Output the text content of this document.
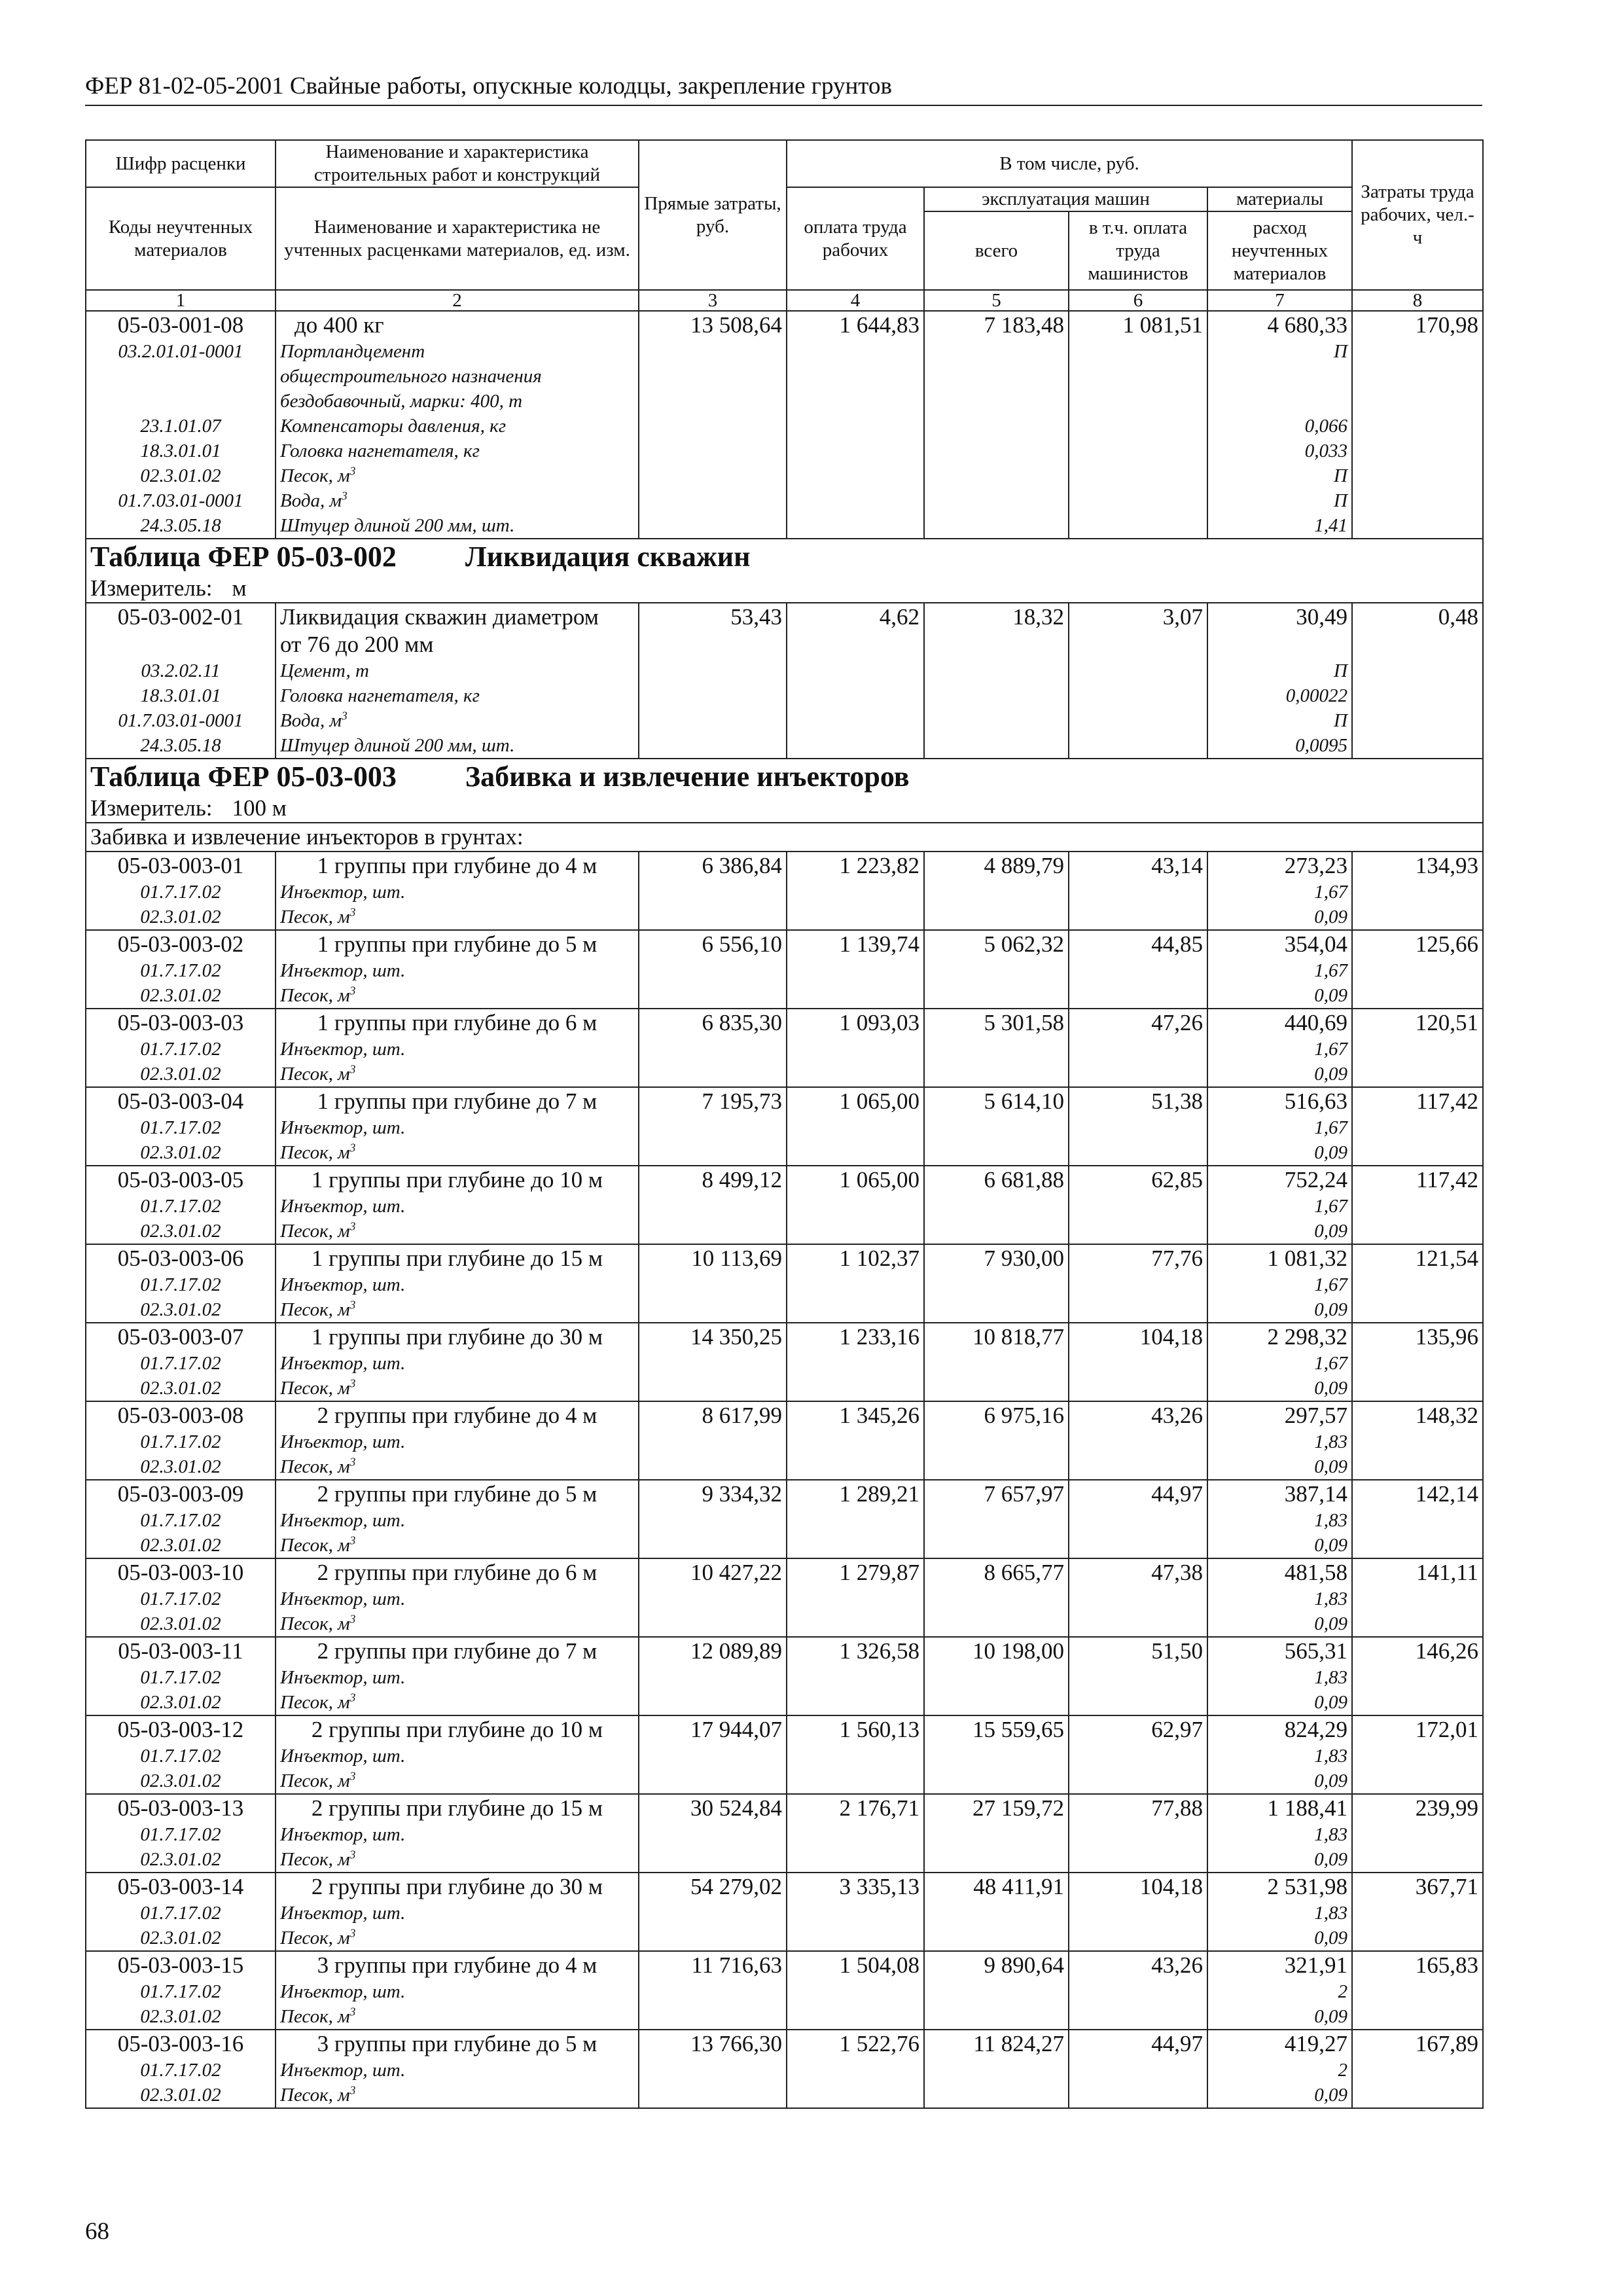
ФЕР 81-02-05-2001 Свайные работы, опускные колодцы, закрепление грунтов
Шифр расценки	Наименование и характеристика строительных работ и конструкций	Прямые затраты, руб.	В том числе, руб.				Затраты труда рабочих, чел.-ч
Коды неучтенных материалов	Наименование и характеристика не учтенных расценками материалов, ед. изм.		оплата труда рабочих	эксплуатация машин		материалы	
				всего	в т.ч. оплата труда машинистов	расход неучтенных материалов	
1	2	3	4	5	6	7	8
05-03-001-08	до 400 кг	13 508,64	1 644,83	7 183,48	1 081,51	4 680,33	170,98
03.2.01.01-0001	Портландцемент					П	
	общестроительного назначения						
	бездобавочный, марки: 400, т						
23.1.01.07	Компенсаторы давления, кг					0,066	
18.3.01.01	Головка нагнетателя, кг					0,033	
02.3.01.02	Песок, $м^3$					П	
01.7.03.01-0001	Вода, $м^3$					П	
24.3.05.18	Штуцер длиной 200 мм, шт.					1,41	
Таблица ФЕР 05-03-002 Ликвидация скважин							
Измеритель: м							
05-03-002-01	Ликвидация скважин диаметром	53,43	4,62	18,32	3,07	30,49	0,48
	от 76 до 200 мм						
03.2.02.11	Цемент, т					П	
18.3.01.01	Головка нагнетателя, кг					0,00022	
01.7.03.01-0001	Вода, $м^3$					П	
24.3.05.18	Штуцер длиной 200 мм, шт.					0,0095	
Таблица ФЕР 05-03-003 Забивка и извлечение инъекторов							
Измеритель: 100 м							
Забивка и извлечение инъекторов в грунтах:							
05-03-003-01	1 группы при глубине до 4 м	6 386,84	1 223,82	4 889,79	43,14	273,23	134,93
01.7.17.02	Инъектор, шт.					1,67	
02.3.01.02	Песок, $м^3$					0,09	
05-03-003-02	1 группы при глубине до 5 м	6 556,10	1 139,74	5 062,32	44,85	354,04	125,66
01.7.17.02	Инъектор, шт.					1,67	
02.3.01.02	Песок, $м^3$					0,09	
05-03-003-03	1 группы при глубине до 6 м	6 835,30	1 093,03	5 301,58	47,26	440,69	120,51
01.7.17.02	Инъектор, шт.					1,67	
02.3.01.02	Песок, $м^3$					0,09	
05-03-003-04	1 группы при глубине до 7 м	7 195,73	1 065,00	5 614,10	51,38	516,63	117,42
01.7.17.02	Инъектор, шт.					1,67	
02.3.01.02	Песок, $м^3$					0,09	
05-03-003-05	1 группы при глубине до 10 м	8 499,12	1 065,00	6 681,88	62,85	752,24	117,42
01.7.17.02	Инъектор, шт.					1,67	
02.3.01.02	Песок, $м^3$					0,09	
05-03-003-06	1 группы при глубине до 15 м	10 113,69	1 102,37	7 930,00	77,76	1 081,32	121,54
01.7.17.02	Инъектор, шт.					1,67	
02.3.01.02	Песок, $м^3$					0,09	
05-03-003-07	1 группы при глубине до 30 м	14 350,25	1 233,16	10 818,77	104,18	2 298,32	135,96
01.7.17.02	Инъектор, шт.					1,67	
02.3.01.02	Песок, $м^3$					0,09	
05-03-003-08	2 группы при глубине до 4 м	8 617,99	1 345,26	6 975,16	43,26	297,57	148,32
01.7.17.02	Инъектор, шт.					1,83	
02.3.01.02	Песок, $м^3$					0,09	
05-03-003-09	2 группы при глубине до 5 м	9 334,32	1 289,21	7 657,97	44,97	387,14	142,14
01.7.17.02	Инъектор, шт.					1,83	
02.3.01.02	Песок, $м^3$					0,09	
05-03-003-10	2 группы при глубине до 6 м	10 427,22	1 279,87	8 665,77	47,38	481,58	141,11
01.7.17.02	Инъектор, шт.					1,83	
02.3.01.02	Песок, $м^3$					0,09	
05-03-003-11	2 группы при глубине до 7 м	12 089,89	1 326,58	10 198,00	51,50	565,31	146,26
01.7.17.02	Инъектор, шт.					1,83	
02.3.01.02	Песок, $м^3$					0,09	
05-03-003-12	2 группы при глубине до 10 м	17 944,07	1 560,13	15 559,65	62,97	824,29	172,01
01.7.17.02	Инъектор, шт.					1,83	
02.3.01.02	Песок, $м^3$					0,09	
05-03-003-13	2 группы при глубине до 15 м	30 524,84	2 176,71	27 159,72	77,88	1 188,41	239,99
01.7.17.02	Инъектор, шт.					1,83	
02.3.01.02	Песок, $м^3$					0,09	
05-03-003-14	2 группы при глубине до 30 м	54 279,02	3 335,13	48 411,91	104,18	2 531,98	367,71
01.7.17.02	Инъектор, шт.					1,83	
02.3.01.02	Песок, $м^3$					0,09	
05-03-003-15	3 группы при глубине до 4 м	11 716,63	1 504,08	9 890,64	43,26	321,91	165,83
01.7.17.02	Инъектор, шт.					2	
02.3.01.02	Песок, $м^3$					0,09	
05-03-003-16	3 группы при глубине до 5 м	13 766,30	1 522,76	11 824,27	44,97	419,27	167,89
01.7.17.02	Инъектор, шт.					2	
02.3.01.02	Песок, $м^3$					0,09	
68
